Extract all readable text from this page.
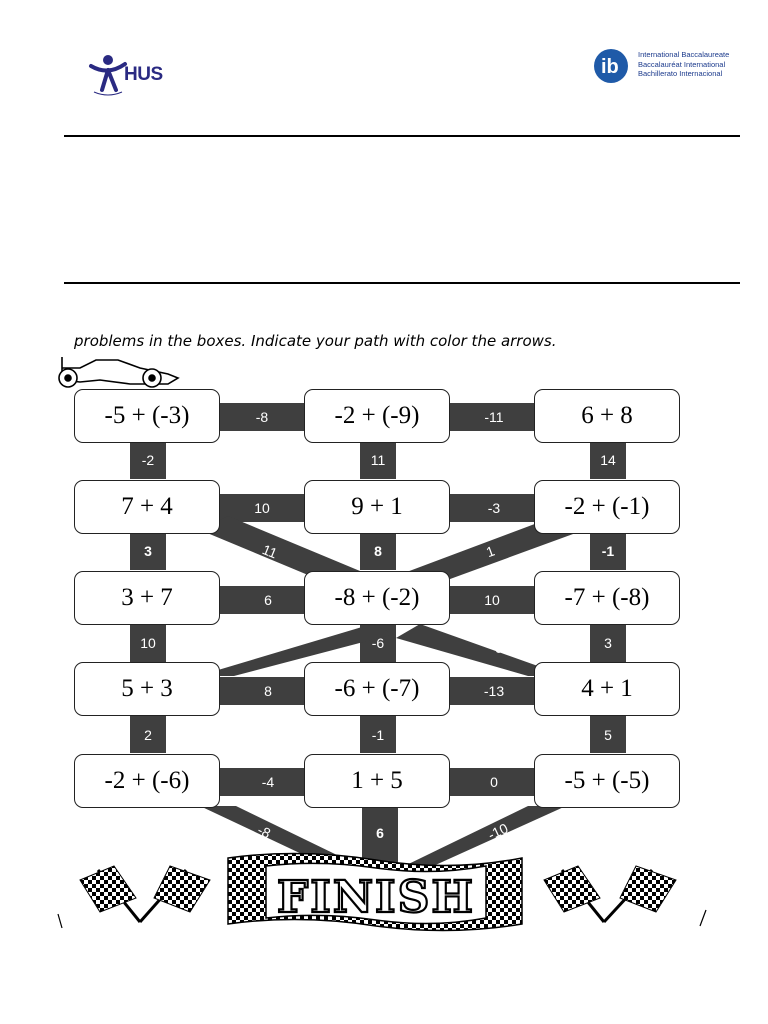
HUS	ib
International Baccalaureate
Baccalauréat International
Bachillerato Internacional
problems in the boxes. Indicate your path with color the arrows.
-8	-11
10	-3
6	10
8	-13
-4	0
-2	11	14
3	8	-1
10	-6	3
2	-1	5
11	1
-10	-9
-8	6	-10
FINISH
-5 + (-3)	-2 + (-9)	6 + 8
7 + 4	9 + 1	-2 + (-1)
3 + 7	-8 + (-2)	-7 + (-8)
5 + 3	-6 + (-7)	4 + 1
-2 + (-6)	1 + 5	-5 + (-5)
